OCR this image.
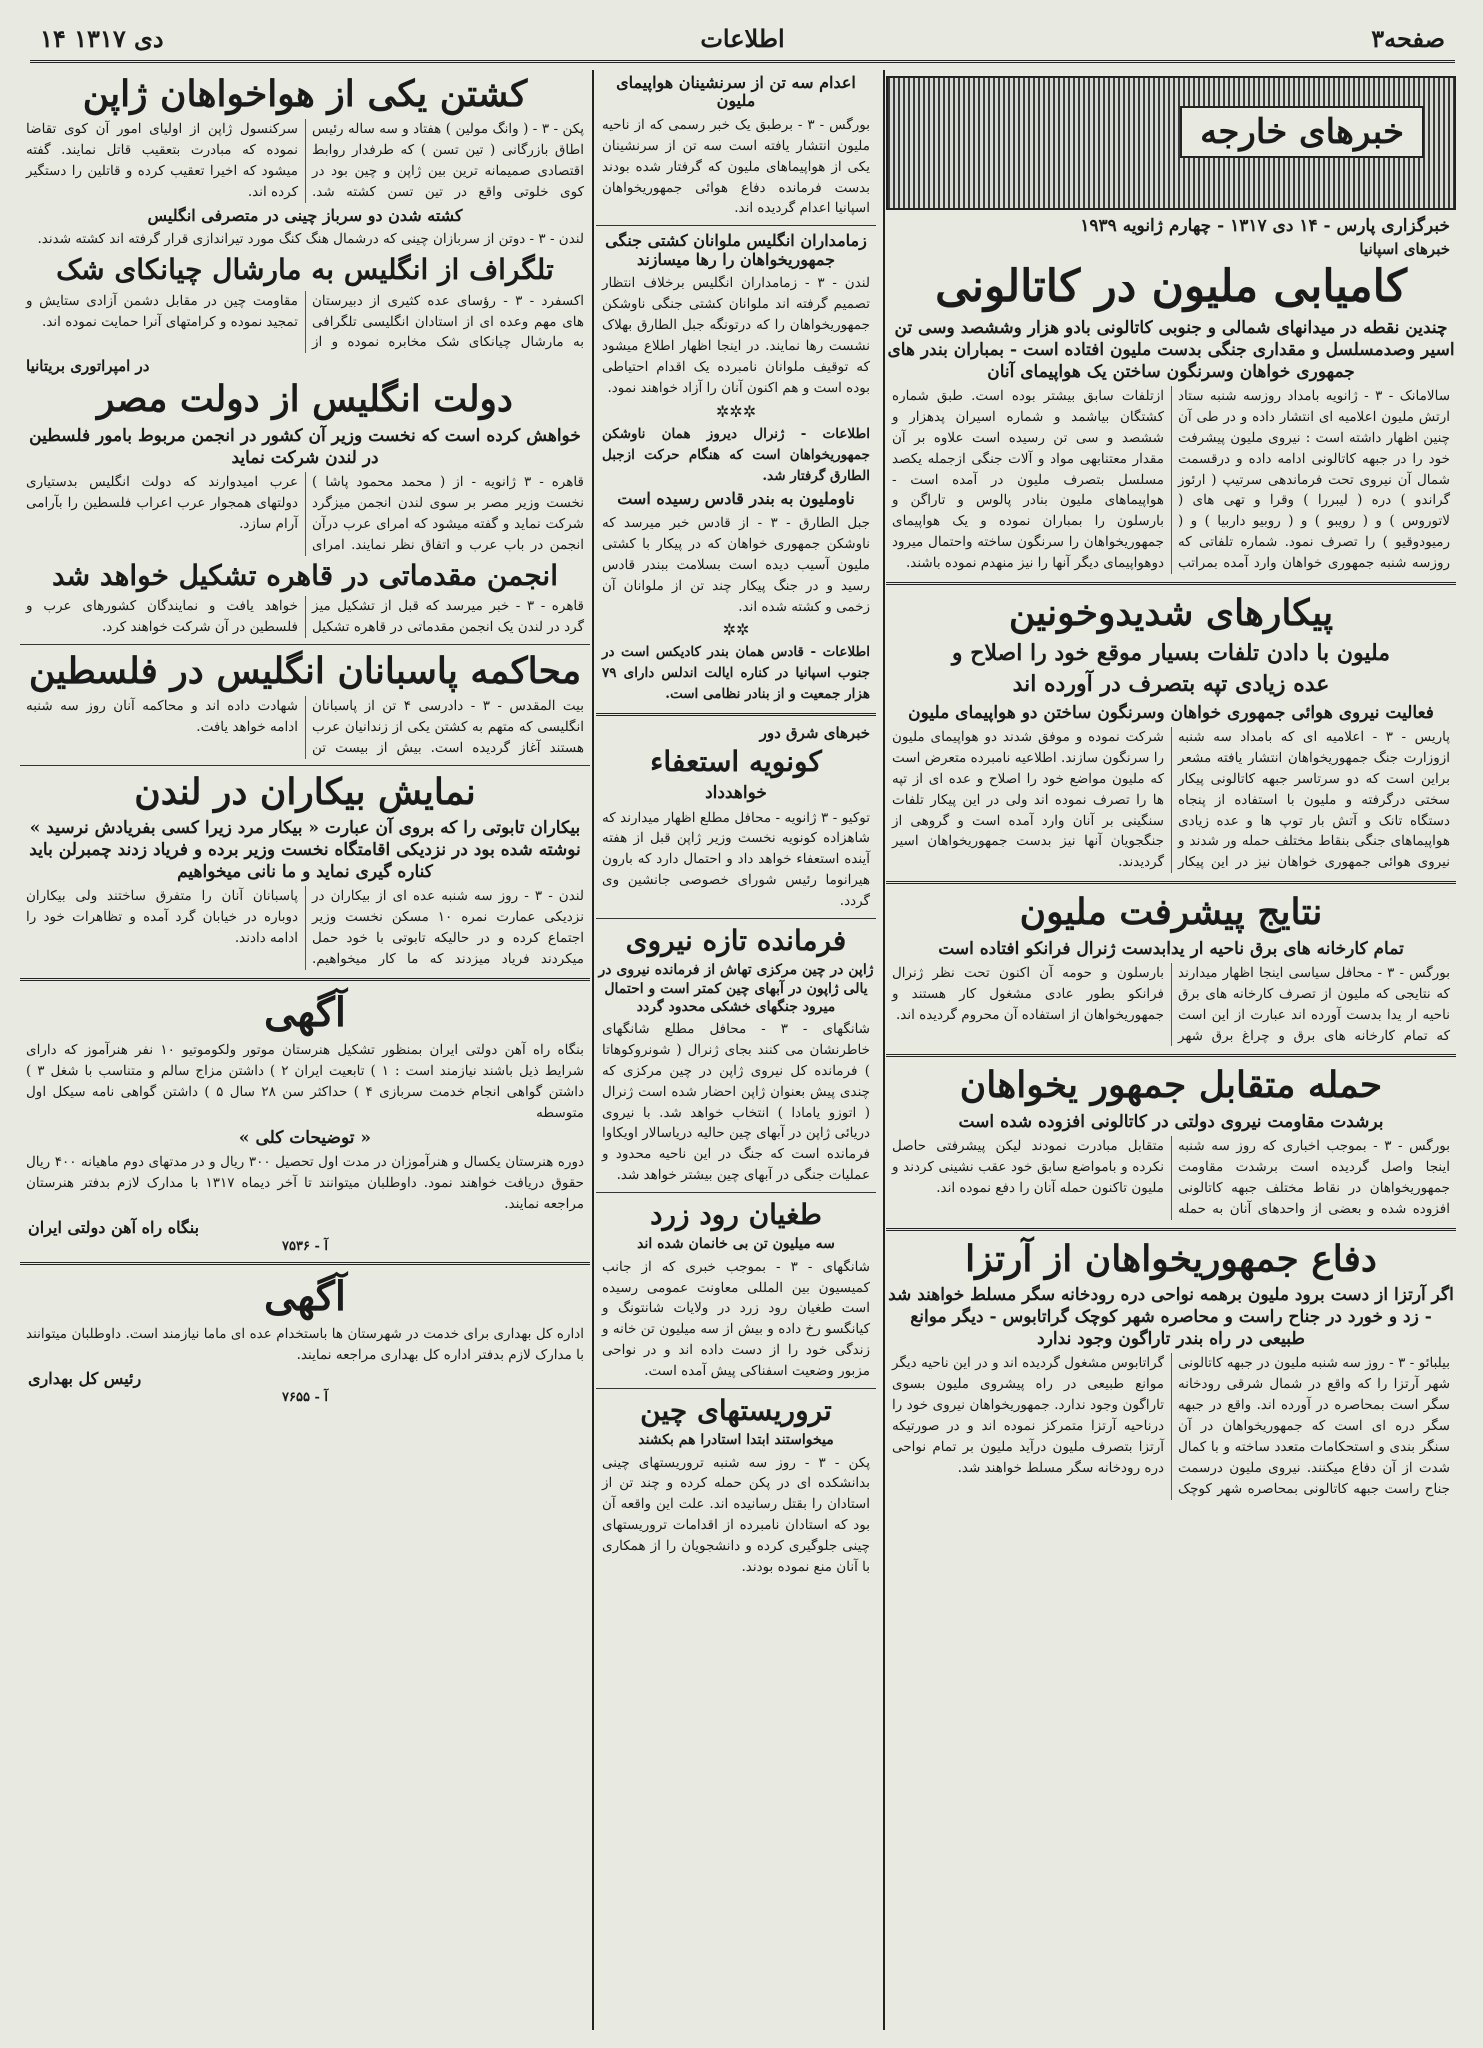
صفحه۳
اطلاعات
۱۴ دی ۱۳۱۷
خبرهای خارجه
خبرگزاری پارس - ۱۴ دی ۱۳۱۷ - چهارم ژانویه ۱۹۳۹
خبرهای اسپانیا
کامیابی ملیون در کاتالونی
چندین نقطه در میدانهای شمالی و جنوبی کاتالونی بادو هزار وششصد وسی تن اسیر وصدمسلسل و مقداری جنگی بدست ملیون افتاده است - بمباران بندر های جمهوری خواهان وسرنگون ساختن یک هواپیمای آنان
سالامانک - ۳ - ژانویه بامداد روزسه شنبه ستاد ارتش ملیون اعلامیه ای انتشار داده و در طی آن چنین اظهار داشته است : نیروی ملیون پیشرفت خود را در جبهه کاتالونی ادامه داده و درقسمت شمال آن نیروی تحت فرماندهی سرتیپ ( ارئوز گراندو ) دره ( لیبررا ) وقرا و تهی های ( لاتوروس ) و ( رویبو ) و ( روبیو داربیا ) و ( رمیودوقیو ) را تصرف نمود. شماره تلفاتی که روزسه شنبه جمهوری خواهان وارد آمده بمراتب ازتلفات سابق بیشتر بوده است. طبق شماره کشتگان بیاشمد و شماره اسیران پدهزار و ششصد و سی تن رسیده است علاوه بر آن مقدار معتنابهی مواد و آلات جنگی ازجمله یکصد مسلسل بتصرف ملیون در آمده است - هواپیماهای ملیون بنادر پالوس و تاراگن و بارسلون را بمباران نموده و یک هواپیمای جمهوریخواهان را سرنگون ساخته واحتمال میرود دوهواپیمای دیگر آنها را نیز منهدم نموده باشند.
پیکارهای شدیدوخونین
ملیون با دادن تلفات بسیار موقع خود را اصلاح و
عده زیادی تپه بتصرف در آورده اند
فعالیت نیروی هوائی جمهوری خواهان وسرنگون ساختن دو هواپیمای ملیون
پاریس - ۳ - اعلامیه ای که بامداد سه شنبه ازوزارت جنگ جمهوریخواهان انتشار یافته مشعر براین است که دو سرتاسر جبهه کاتالونی پیکار سختی درگرفته و ملیون با استفاده از پنجاه دستگاه تانک و آتش بار توپ ها و عده زیادی هواپیماهای جنگی بنقاط مختلف حمله ور شدند و نیروی هوائی جمهوری خواهان نیز در این پیکار شرکت نموده و موفق شدند دو هواپیمای ملیون را سرنگون سازند. اطلاعیه نامبرده متعرض است که ملیون مواضع خود را اصلاح و عده ای از تپه ها را تصرف نموده اند ولی در این پیکار تلفات سنگینی بر آنان وارد آمده است و گروهی از جنگجویان آنها نیز بدست جمهوریخواهان اسیر گردیدند.
نتایج پیشرفت ملیون
تمام کارخانه های برق ناحیه ار یدابدست ژنرال فرانکو افتاده است
بورگس - ۳ - محافل سیاسی اینجا اظهار میدارند که نتایجی که ملیون از تصرف کارخانه های برق ناحیه ار یدا بدست آورده اند عبارت از این است که تمام کارخانه های برق و چراغ برق شهر بارسلون و حومه آن اکنون تحت نظر ژنرال فرانکو بطور عادی مشغول کار هستند و جمهوریخواهان از استفاده آن محروم گردیده اند.
حمله متقابل جمهور یخواهان
برشدت مقاومت نیروی دولتی در کاتالونی افزوده شده است
بورگس - ۳ - بموجب اخباری که روز سه شنبه اینجا واصل گردیده است برشدت مقاومت جمهوریخواهان در نقاط مختلف جبهه کاتالونی افزوده شده و بعضی از واحدهای آنان به حمله متقابل مبادرت نمودند لیکن پیشرفتی حاصل نکرده و بامواضع سابق خود عقب نشینی کردند و ملیون تاکنون حمله آنان را دفع نموده اند.
دفاع جمهوریخواهان از آرتزا
اگر آرتزا از دست برود ملیون برهمه نواحی دره رودخانه سگر مسلط خواهند شد - زد و خورد در جناح راست و محاصره شهر کوچک گراتابوس - دیگر موانع طبیعی در راه بندر تاراگون وجود ندارد
بیلبائو - ۳ - روز سه شنبه ملیون در جبهه کاتالونی شهر آرتزا را که واقع در شمال شرقی رودخانه سگر است بمحاصره در آورده اند. واقع در جبهه سگر دره ای است که جمهوریخواهان در آن سنگر بندی و استحکامات متعدد ساخته و با کمال شدت از آن دفاع میکنند. نیروی ملیون درسمت جناح راست جبهه کاتالونی بمحاصره شهر کوچک گراتابوس مشغول گردیده اند و در این ناحیه دیگر موانع طبیعی در راه پیشروی ملیون بسوی تاراگون وجود ندارد. جمهوریخواهان نیروی خود را درناحیه آرتزا متمرکز نموده اند و در صورتیکه آرتزا بتصرف ملیون درآید ملیون بر تمام نواحی دره رودخانه سگر مسلط خواهند شد.
اعدام سه تن از سرنشینان هواپیمای ملیون
بورگس - ۳ - برطبق یک خبر رسمی که از ناحیه ملیون انتشار یافته است سه تن از سرنشینان یکی از هواپیماهای ملیون که گرفتار شده بودند بدست فرمانده دفاع هوائی جمهوریخواهان اسپانیا اعدام گردیده اند.
زمامداران انگلیس ملوانان کشتی جنگی جمهوریخواهان را رها میسازند
لندن - ۳ - زمامداران انگلیس برخلاف انتظار تصمیم گرفته اند ملوانان کشتی جنگی ناوشکن جمهوریخواهان را که درتونگه جبل الطارق بهلاک نشست رها نمایند. در اینجا اظهار اطلاع میشود که توقیف ملوانان نامبرده یک اقدام احتیاطی بوده است و هم اکنون آنان را آزاد خواهند نمود.
✲✲✲
اطلاعات - ژنرال دیروز همان ناوشکن جمهوریخواهان است که هنگام حرکت ازجبل الطارق گرفتار شد.
ناوملیون به بندر قادس رسیده است
جبل الطارق - ۳ - از قادس خبر میرسد که ناوشکن جمهوری خواهان که در پیکار با کشتی ملیون آسیب دیده است بسلامت ببندر قادس رسید و در جنگ پیکار چند تن از ملوانان آن زخمی و کشته شده اند.
✲✲
اطلاعات - قادس همان بندر کادیکس است در جنوب اسپانیا در کناره ایالت اندلس دارای ۷۹ هزار جمعیت و از بنادر نظامی است.
خبرهای شرق دور
کونویه استعفاء
خواهدداد
توکیو - ۳ ژانویه - محافل مطلع اظهار میدارند که شاهزاده کونویه نخست وزیر ژاپن قبل از هفته آینده استعفاء خواهد داد و احتمال دارد که بارون هیرانوما رئیس شورای خصوصی جانشین وی گردد.
فرمانده تازه نیروی
ژاپن در چین مرکزی تهاش از فرمانده نیروی در یالی ژاپون در آبهای چین کمتر است و احتمال میرود جنگهای خشکی محدود گردد
شانگهای - ۳ - محافل مطلع شانگهای خاطرنشان می کنند بجای ژنرال ( شونروکوهاتا ) فرمانده کل نیروی ژاپن در چین مرکزی که چندی پیش بعنوان ژاپن احضار شده است ژنرال ( اتوزو یامادا ) انتخاب خواهد شد. با نیروی دریائی ژاپن در آبهای چین حالیه دریاسالار اویکاوا فرمانده است که جنگ در این ناحیه محدود و عملیات جنگی در آبهای چین بیشتر خواهد شد.
طغیان رود زرد
سه میلیون تن بی خانمان شده اند
شانگهای - ۳ - بموجب خبری که از جانب کمیسیون بین المللی معاونت عمومی رسیده است طغیان رود زرد در ولایات شانتونگ و کیانگسو رخ داده و بیش از سه میلیون تن خانه و زندگی خود را از دست داده اند و در نواحی مزبور وضعیت اسفناکی پیش آمده است.
تروریستهای چین
میخواستند ابتدا استادرا هم بکشند
پکن - ۳ - روز سه شنبه تروریستهای چینی بدانشکده ای در پکن حمله کرده و چند تن از استادان را بقتل رسانیده اند. علت این واقعه آن بود که استادان نامبرده از اقدامات تروریستهای چینی جلوگیری کرده و دانشجویان را از همکاری با آنان منع نموده بودند.
کشتن یکی از هواخواهان ژاپن
پکن - ۳ - ( وانگ مولین ) هفتاد و سه ساله رئیس اطاق بازرگانی ( تین تسن ) که طرفدار روابط اقتصادی صمیمانه ترین بین ژاپن و چین بود در کوی خلوتی واقع در تین تسن کشته شد. سرکنسول ژاپن از اولیای امور آن کوی تقاضا نموده که مبادرت بتعقیب قاتل نمایند. گفته میشود که اخیرا تعقیب کرده و قاتلین را دستگیر کرده اند.
کشته شدن دو سرباز چینی در متصرفی انگلیس
لندن - ۳ - دوتن از سربازان چینی که درشمال هنگ کنگ مورد تیراندازی قرار گرفته اند کشته شدند.
تلگراف از انگلیس به مارشال چیانکای شک
اکسفرد - ۳ - رؤسای عده کثیری از دبیرستان های مهم وعده ای از استادان انگلیسی تلگرافی به مارشال چیانکای شک مخابره نموده و از مقاومت چین در مقابل دشمن آزادی ستایش و تمجید نموده و کرامتهای آنرا حمایت نموده اند.
در امپراتوری بریتانیا
دولت انگلیس از دولت مصر
خواهش کرده است که نخست وزیر آن کشور در انجمن مربوط بامور فلسطین در لندن شرکت نماید
قاهره - ۳ ژانویه - از ( محمد محمود پاشا ) نخست وزیر مصر بر سوی لندن انجمن میزگرد شرکت نماید و گفته میشود که امرای عرب درآن انجمن در باب عرب و اتفاق نظر نمایند. امرای عرب امیدوارند که دولت انگلیس بدستیاری دولتهای همجوار عرب اعراب فلسطین را بآرامی آرام سازد.
انجمن مقدماتی در قاهره تشکیل خواهد شد
قاهره - ۳ - خبر میرسد که قبل از تشکیل میز گرد در لندن یک انجمن مقدماتی در قاهره تشکیل خواهد یافت و نمایندگان کشورهای عرب و فلسطین در آن شرکت خواهند کرد.
محاکمه پاسبانان انگلیس در فلسطین
بیت المقدس - ۳ - دادرسی ۴ تن از پاسبانان انگلیسی که متهم به کشتن یکی از زندانیان عرب هستند آغاز گردیده است. بیش از بیست تن شهادت داده اند و محاکمه آنان روز سه شنبه ادامه خواهد یافت.
نمایش بیکاران در لندن
بیکاران تابوتی را که بروی آن عبارت « بیکار مرد زیرا کسی بفریادش نرسید » نوشته شده بود در نزدیکی اقامتگاه نخست وزیر برده و فریاد زدند چمبرلن باید کناره گیری نماید و ما نانی میخواهیم
لندن - ۳ - روز سه شنبه عده ای از بیکاران در نزدیکی عمارت نمره ۱۰ مسکن نخست وزیر اجتماع کرده و در حالیکه تابوتی با خود حمل میکردند فریاد میزدند که ما کار میخواهیم. پاسبانان آنان را متفرق ساختند ولی بیکاران دوباره در خیابان گرد آمده و تظاهرات خود را ادامه دادند.
آگهی
بنگاه راه آهن دولتی ایران بمنظور تشکیل هنرستان موتور ولکوموتیو ۱۰ نفر هنرآموز که دارای شرایط ذیل باشند نیازمند است : ۱ ) تابعیت ایران ۲ ) داشتن مزاج سالم و متناسب با شغل ۳ ) داشتن گواهی انجام خدمت سربازی ۴ ) حداکثر سن ۲۸ سال ۵ ) داشتن گواهی نامه سیکل اول متوسطه
« توضیحات کلی »
دوره هنرستان یکسال و هنرآموزان در مدت اول تحصیل ۳۰۰ ریال و در مدتهای دوم ماهیانه ۴۰۰ ریال حقوق دریافت خواهند نمود. داوطلبان میتوانند تا آخر دیماه ۱۳۱۷ با مدارک لازم بدفتر هنرستان مراجعه نمایند.
بنگاه راه آهن دولتی ایران
آ - ۷۵۳۶
آگهی
اداره کل بهداری برای خدمت در شهرستان ها باستخدام عده ای ماما نیازمند است. داوطلبان میتوانند با مدارک لازم بدفتر اداره کل بهداری مراجعه نمایند.
رئیس کل بهداری
آ - ۷۶۵۵
